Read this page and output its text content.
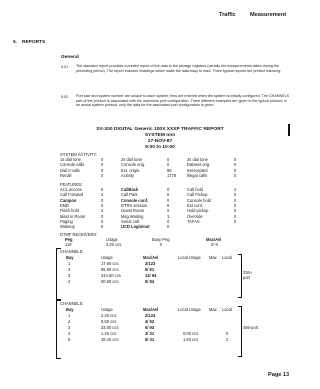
Traffic	Measurement
5. REPORTS
General
5.01 The standard report provides a printed report of the data in the storage registers (usually the measurements taken during the preceding period). The report includes headings which make the data easy to read. Three typical reports are printed following:
5.02 Port size and system number are unique to each system; they are entered when the system is initially configured. The CHANNELS part of the printout is associated with the maximum port configuration. Three different examples are given in the typical printout; in an actual system printout, only the data for the associated port configuration is given.
SX-200 DIGITAL Generic 100X XXXP TRAFFIC REPORT
SYSTEM nnn
27-NOV-87
9:00 to 10:00
SYSTEM ACTIVITY:
1s dial tone	0	2s dial tone	0	3s dial tone	0
Console calls	0	Console orig.	0	Dataset orig.	0
Dial 0 calls	0	Ext. origin.	86	Intercepted	0
Recall	0	Activity	1775	Illegal calls	0
FEATURES:
ACL access	0	CallBack	0	Call hold	4
Call Forward	2	Call Park	0	Call Pickup	0
Campon	0	Console conf.	0	Console hold	0
DND	0	DTRX session	6	Ext conf.	0
Flash hold	2	Guest Room	0	Hold pickup	0
Mast in Room	0	Msg Waiting	1	Override	0
Paging	0	Serial call	0	TAFAS	0
Wakeup	0	UCD Login/out	0
DTMF RECEIVERS:
Peg	Usage	Busy Peg	Max/Avl
118	4.20 ccs	0	2/ 6
CHANNELS:
Bay	Usage	Max/Avl	Local Usage Max Local
1	17.60 ccs	2/123
2	85.90 ccs	5/ 81
3	344.60 ccs	13/ 94
4	50.60 ccs	5/ 94
336+ port
CHANNELS:
Bay	Usage	Max/Avl	Local Usage Max Local
1	2.20 ccs	2/124
2	9.60 ccs	4/ 92
3	33.00 ccs	5/ 94
4	1.20 ccs	3/ 31	0.00 ccs	0
5	18.10 ccs	5/ 31	1.60 ccs	2
456-port
Page 13
